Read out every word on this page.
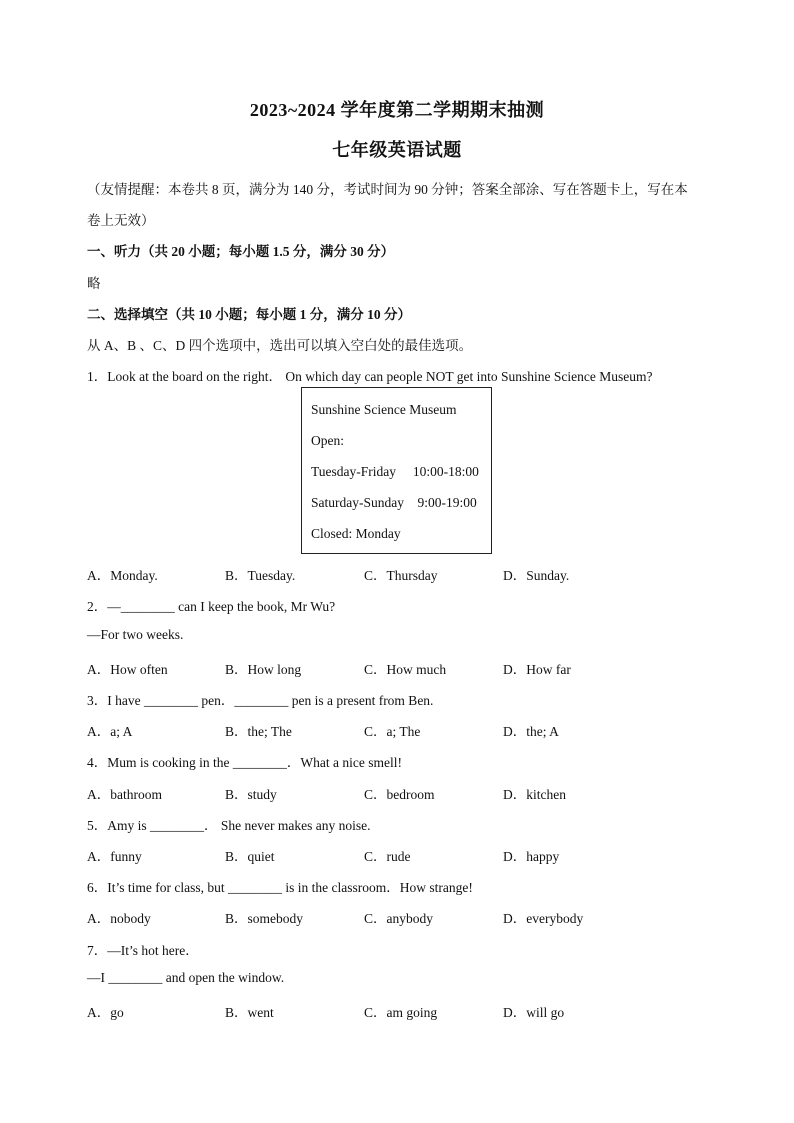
2023~2024 学年度第二学期期末抽测
七年级英语试题
（友情提醒：本卷共 8 页，满分为 140 分，考试时间为 90 分钟；答案全部涂、写在答题卡上，写在本
卷上无效）
一、听力（共 20 小题；每小题 1.5 分，满分 30 分）
略
二、选择填空（共 10 小题；每小题 1 分，满分 10 分）
从 A、B 、C、D 四个选项中，选出可以填入空白处的最佳选项。
1．Look at the board on the right． On which day can people NOT get into Sunshine Science Museum?
Sunshine Science Museum
Open:
Tuesday-Friday     10:00-18:00
Saturday-Sunday    9:00-19:00
Closed: Monday
A．Monday.	B．Tuesday.	C．Thursday	D．Sunday.
2．—________ can I keep the book, Mr Wu?
—For two weeks.
A．How often	B．How long	C．How much	D．How far
3．I have ________ pen．________ pen is a present from Ben.
A．a; A	B．the; The	C．a; The	D．the; A
4．Mum is cooking in the ________．What a nice smell!
A．bathroom	B．study	C．bedroom	D．kitchen
5．Amy is ________． She never makes any noise.
A．funny	B．quiet	C．rude	D．happy
6．It’s time for class, but ________ is in the classroom．How strange!
A．nobody	B．somebody	C．anybody	D．everybody
7．—It’s hot here．
—I ________ and open the window.
A．go	B．went	C．am going	D．will go
